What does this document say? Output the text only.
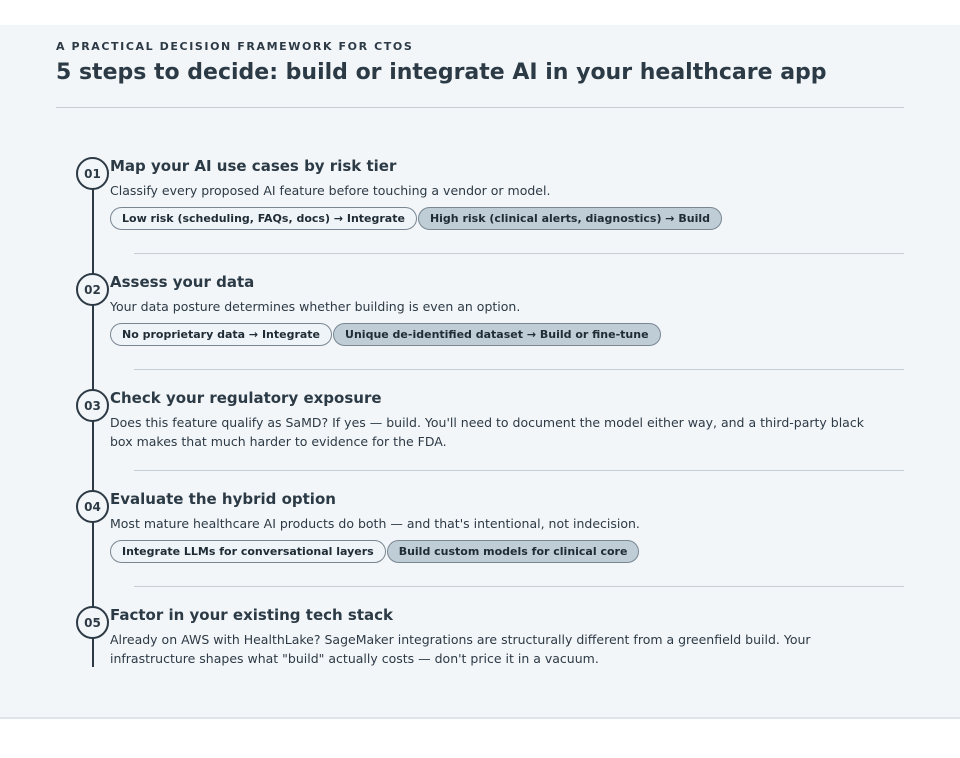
A PRACTICAL DECISION FRAMEWORK FOR CTOS

5 steps to decide: build or integrate AI in your healthcare app
01 Map your AI use cases by risk tier

Classify every proposed AI feature before touching a vendor or model.

Low risk (scheduling, FAQs, docs) → Integrate	High risk (clinical alerts, diagnostics) → Build
02 Assess your data

Your data posture determines whether building is even an option.

No proprietary data → Integrate	Unique de-identified dataset → Build or fine-tune
03 Check your regulatory exposure

Does this feature qualify as SaMD? If yes — build. You'll need to document the model either way, and a third-party black box makes that much harder to evidence for the FDA.

04 Evaluate the hybrid option

Most mature healthcare AI products do both — and that's intentional, not indecision.

Integrate LLMs for conversational layers	Build custom models for clinical core
05 Factor in your existing tech stack

Already on AWS with HealthLake? SageMaker integrations are structurally different from a greenfield build. Your infrastructure shapes what "build" actually costs — don't price it in a vacuum.
